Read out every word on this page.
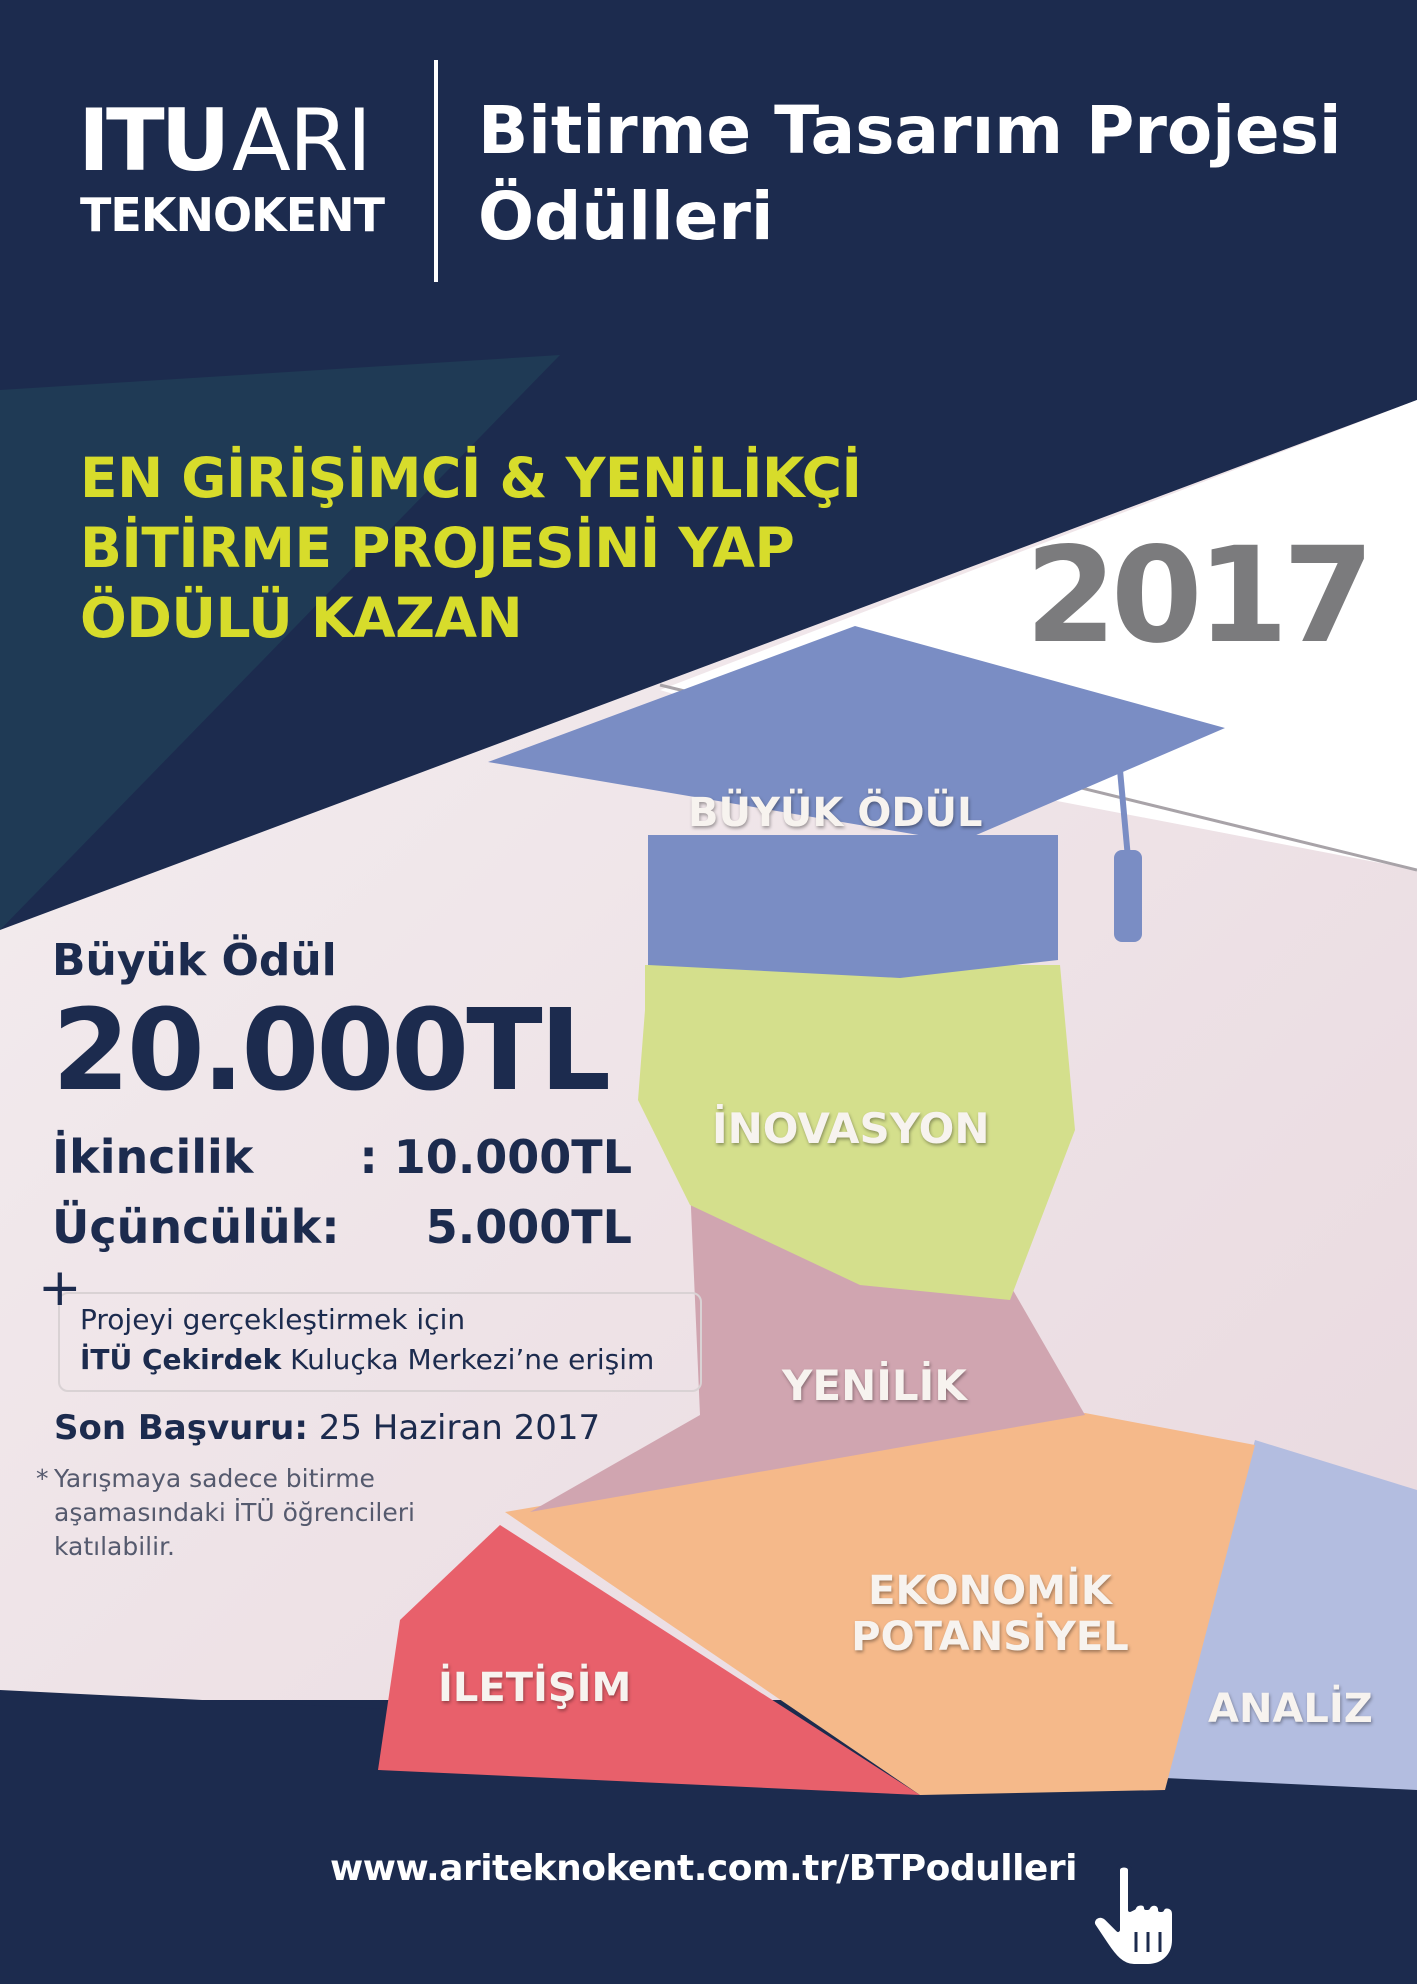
ITU ARI
TEKNOKENT
Bitirme Tasarım Projesi
Ödülleri
EN GİRİŞİMCİ & YENİLİKÇİ
BİTİRME PROJESİNİ YAP
ÖDÜLÜ KAZAN	2017
BÜYÜK ÖDÜL
İNOVASYON
YENİLİK
İLETİŞİM
EKONOMİK
POTANSİYEL
ANALİZ
Büyük Ödül
20.000TL
İkincilik : 10.000TL
Üçüncülük: 5.000TL
+
Projeyi gerçekleştirmek için
İTÜ Çekirdek Kuluçka Merkezi’ne erişim
Son Başvuru: 25 Haziran 2017
* Yarışmaya sadece bitirme
aşamasındaki İTÜ öğrencileri
katılabilir.
www.ariteknokent.com.tr/BTPodulleri
